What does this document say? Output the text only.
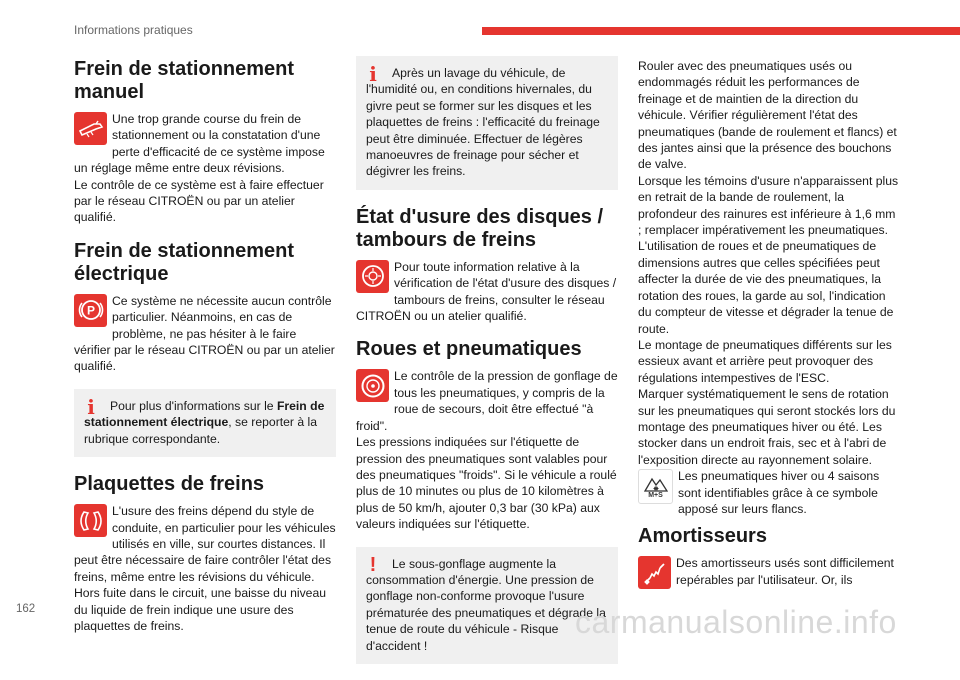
Informations pratiques
Frein de stationnement manuel

Une trop grande course du frein de stationnement ou la constatation d'une perte d'efficacité de ce système impose un réglage même entre deux révisions.

Le contrôle de ce système est à faire effectuer par le réseau CITROËN ou par un atelier qualifié.

Frein de stationnement électrique
P

Ce système ne nécessite aucun contrôle particulier. Néanmoins, en cas de problème, ne pas hésiter à le faire vérifier par le réseau CITROËN ou par un atelier qualifié.

i	Pour plus d'informations sur le Frein de stationnement électrique, se reporter à la rubrique correspondante.

Plaquettes de freins

L'usure des freins dépend du style de conduite, en particulier pour les véhicules utilisés en ville, sur courtes distances. Il peut être nécessaire de faire contrôler l'état des freins, même entre les révisions du véhicule.

Hors fuite dans le circuit, une baisse du niveau du liquide de frein indique une usure des plaquettes de freins.

i	Après un lavage du véhicule, de l'humidité ou, en conditions hivernales, du givre peut se former sur les disques et les plaquettes de freins : l'efficacité du freinage peut être diminuée. Effectuer de légères manoeuvres de freinage pour sécher et dégivrer les freins.

État d'usure des disques / tambours de freins

Pour toute information relative à la vérification de l'état d'usure des disques / tambours de freins, consulter le réseau CITROËN ou un atelier qualifié.

Roues et pneumatiques

Le contrôle de la pression de gonflage de tous les pneumatiques, y compris de la roue de secours, doit être effectué "à froid".

Les pressions indiquées sur l'étiquette de pression des pneumatiques sont valables pour des pneumatiques "froids". Si le véhicule a roulé plus de 10 minutes ou plus de 10 kilomètres à plus de 50 km/h, ajouter 0,3 bar (30 kPa) aux valeurs indiquées sur l'étiquette.

!	Le sous-gonflage augmente la consommation d'énergie. Une pression de gonflage non-conforme provoque l'usure prématurée des pneumatiques et dégrade la tenue de route du véhicule - Risque d'accident !

Rouler avec des pneumatiques usés ou endommagés réduit les performances de freinage et de maintien de la direction du véhicule. Vérifier régulièrement l'état des pneumatiques (bande de roulement et flancs) et des jantes ainsi que la présence des bouchons de valve.

Lorsque les témoins d'usure n'apparaissent plus en retrait de la bande de roulement, la profondeur des rainures est inférieure à 1,6 mm ; remplacer impérativement les pneumatiques.

L'utilisation de roues et de pneumatiques de dimensions autres que celles spécifiées peut affecter la durée de vie des pneumatiques, la rotation des roues, la garde au sol, l'indication du compteur de vitesse et dégrader la tenue de route.

Le montage de pneumatiques différents sur les essieux avant et arrière peut provoquer des régulations intempestives de l'ESC.

Marquer systématiquement le sens de rotation sur les pneumatiques qui seront stockés lors du montage des pneumatiques hiver ou été. Les stocker dans un endroit frais, sec et à l'abri de l'exposition directe au rayonnement solaire.

M+S

Les pneumatiques hiver ou 4 saisons sont identifiables grâce à ce symbole apposé sur leurs flancs.

Amortisseurs

Des amortisseurs usés sont difficilement repérables par l'utilisateur. Or, ils

162	carmanualsonline.info
